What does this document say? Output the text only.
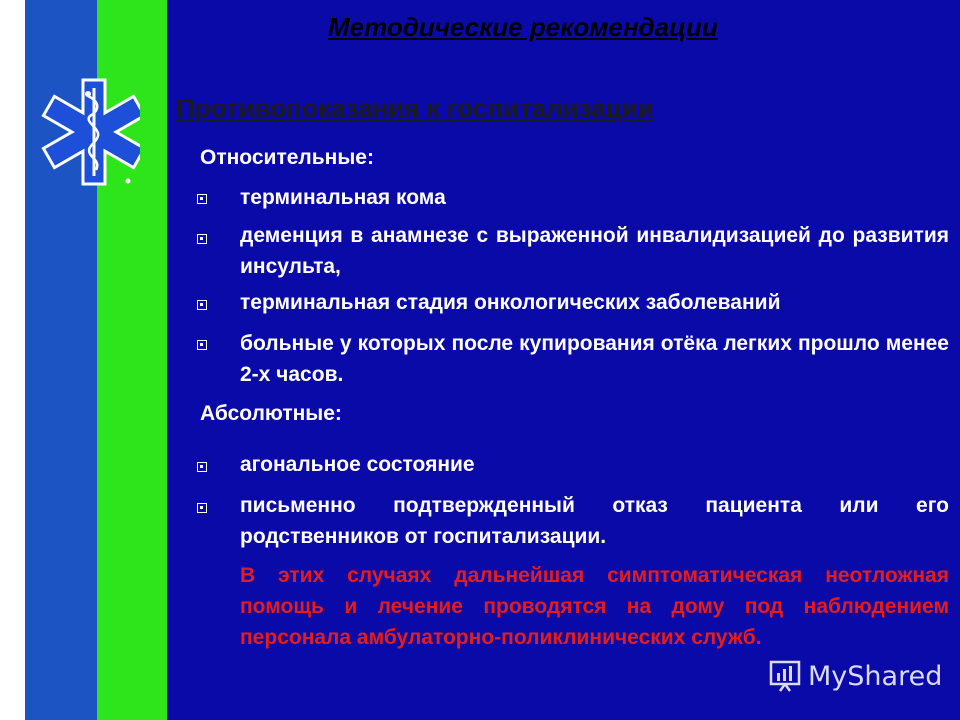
Методические рекомендации
Противопоказания к госпитализации
Относительные:
терминальная кома
деменция в анамнезе с выраженной инвалидизацией до развития инсульта,
терминальная стадия онкологических заболеваний
больные у которых после купирования отёка легких прошло менее 2-х часов.
Абсолютные:
агональное состояние
письменно подтвержденный отказ пациента или его родственников от госпитализации.
В этих случаях дальнейшая симптоматическая неотложная помощь и лечение проводятся на дому под наблюдением персонала амбулаторно-поликлинических служб.
MyShared
